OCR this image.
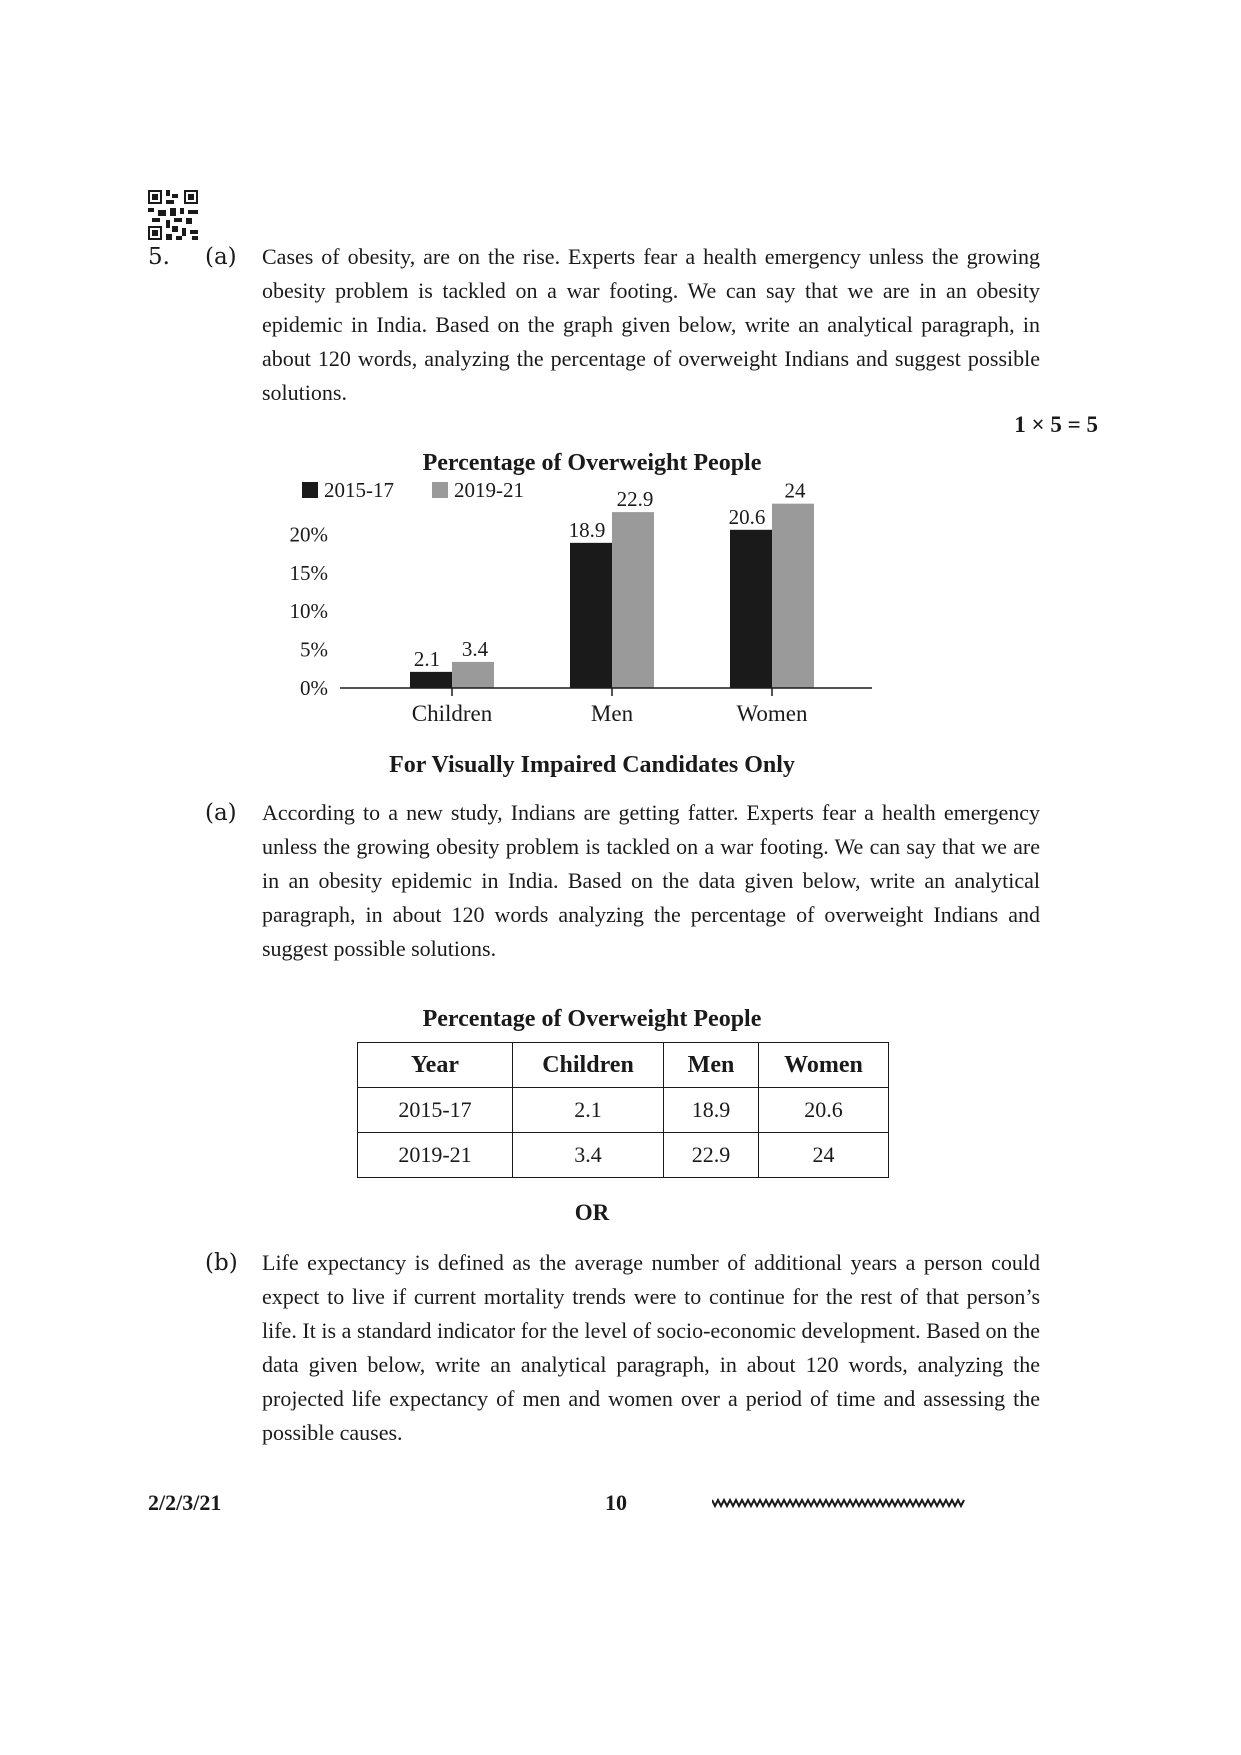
5. (a) Cases of obesity, are on the rise. Experts fear a health emergency unless the growing obesity problem is tackled on a war footing. We can say that we are in an obesity epidemic in India. Based on the graph given below, write an analytical paragraph, in about 120 words, analyzing the percentage of overweight Indians and suggest possible solutions.

1 × 5 = 5
Percentage of Overweight People
2015-17	2019-21
0%
5%
10%
15%
20%
2.1 3.4
18.9
22.9
20.6
24
Children	Men	Women
For Visually Impaired Candidates Only
(a) According to a new study, Indians are getting fatter. Experts fear a health emergency unless the growing obesity problem is tackled on a war footing. We can say that we are in an obesity epidemic in India. Based on the data given below, write an analytical paragraph, in about 120 words analyzing the percentage of overweight Indians and suggest possible solutions.

Percentage of Overweight People
Year	Children	Men	Women
2015-17	2.1	18.9	20.6
2019-21	3.4	22.9	24
OR
(b) Life expectancy is defined as the average number of additional years a person could expect to live if current mortality trends were to continue for the rest of that person’s life. It is a standard indicator for the level of socio-economic development. Based on the data given below, write an analytical paragraph, in about 120 words, analyzing the projected life expectancy of men and women over a period of time and assessing the possible causes.

2/2/3/21	10
